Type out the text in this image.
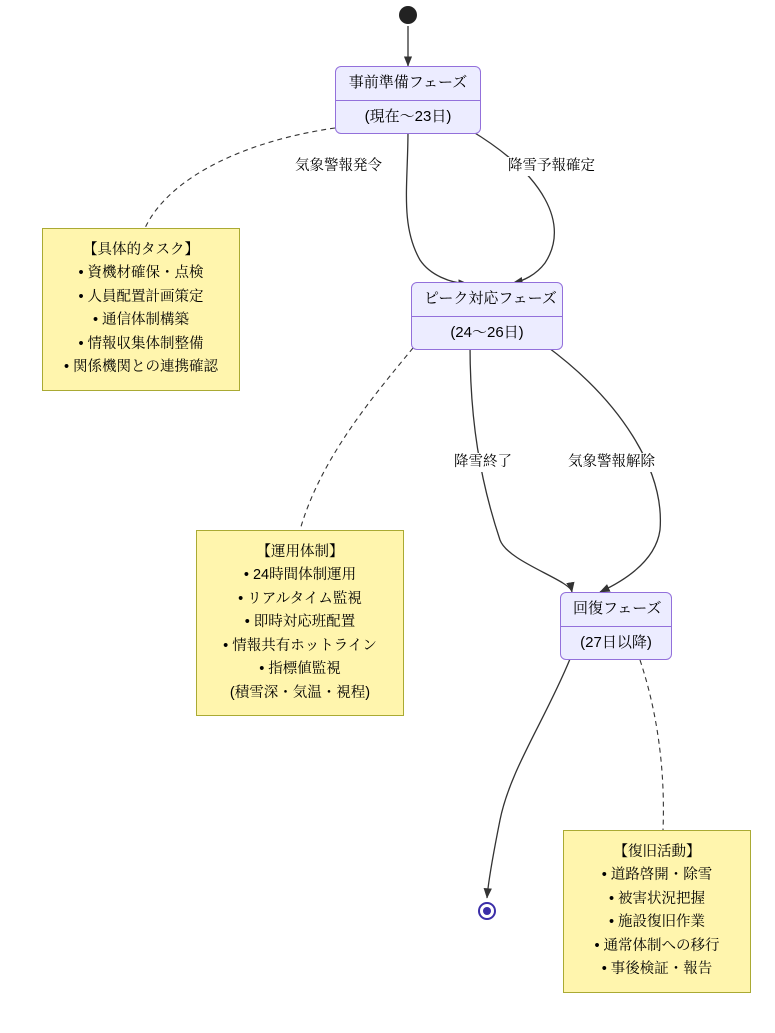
事前準備フェーズ
(現在〜23日)
ピーク対応フェーズ
(24〜26日)
回復フェーズ
(27日以降)
気象警報発令	降雪予報確定
降雪終了	気象警報解除
【具体的タスク】
• 資機材確保・点検
• 人員配置計画策定
• 通信体制構築
• 情報収集体制整備
• 関係機関との連携確認
【運用体制】
• 24時間体制運用
• リアルタイム監視
• 即時対応班配置
• 情報共有ホットライン
• 指標値監視
(積雪深・気温・視程)
【復旧活動】
• 道路啓開・除雪
• 被害状況把握
• 施設復旧作業
• 通常体制への移行
• 事後検証・報告
